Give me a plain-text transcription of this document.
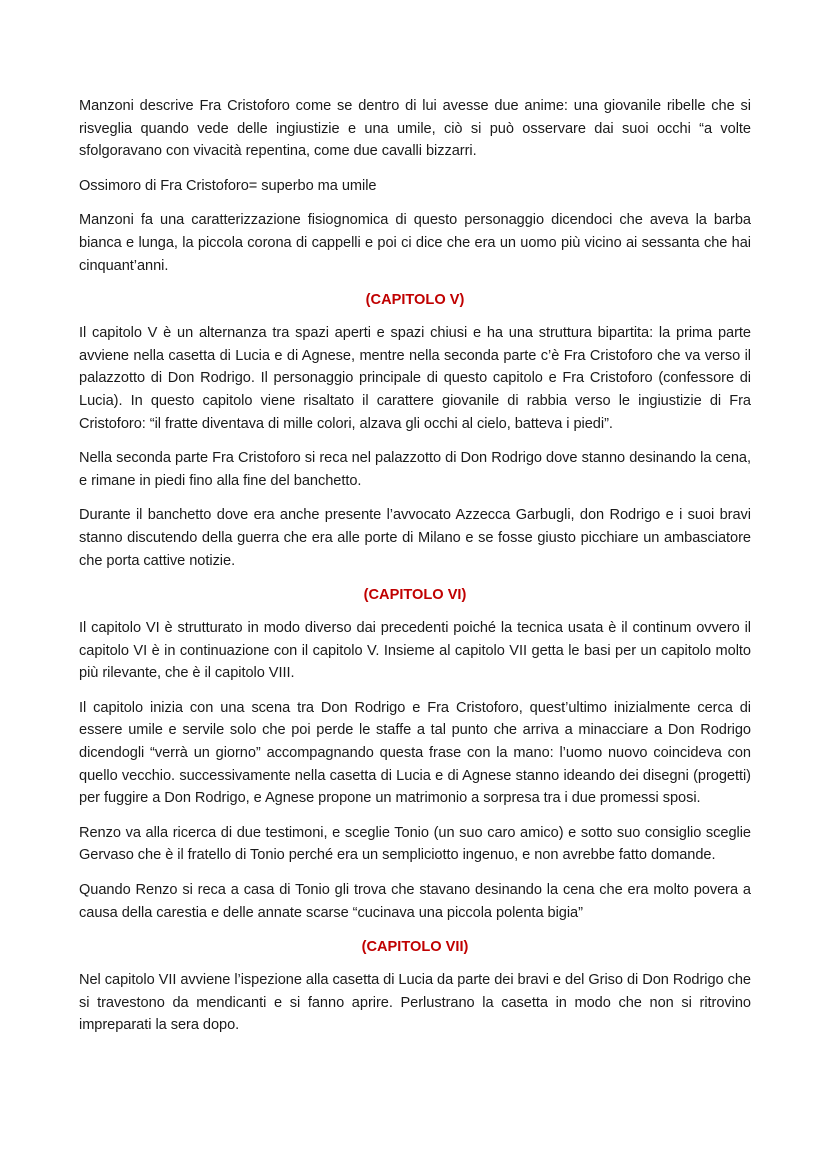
Manzoni descrive Fra Cristoforo come se dentro di lui avesse due anime: una giovanile ribelle che si risveglia quando vede delle ingiustizie e una umile, ciò si può osservare dai suoi occhi “a volte sfolgoravano con vivacità repentina, come due cavalli bizzarri.

Ossimoro di Fra Cristoforo= superbo ma umile

Manzoni fa una caratterizzazione fisiognomica di questo personaggio dicendoci che aveva la barba bianca e lunga, la piccola corona di cappelli e poi ci dice che era un uomo più vicino ai sessanta che hai cinquant’anni.

(CAPITOLO V)

Il capitolo V è un alternanza tra spazi aperti e spazi chiusi e ha una struttura bipartita: la prima parte avviene nella casetta di Lucia e di Agnese, mentre nella seconda parte c’è Fra Cristoforo che va verso il palazzotto di Don Rodrigo. Il personaggio principale di questo capitolo e Fra Cristoforo (confessore di Lucia). In questo capitolo viene risaltato il carattere giovanile di rabbia verso le ingiustizie di Fra Cristoforo: “il fratte diventava di mille colori, alzava gli occhi al cielo, batteva i piedi”.

Nella seconda parte Fra Cristoforo si reca nel palazzotto di Don Rodrigo dove stanno desinando la cena, e rimane in piedi fino alla fine del banchetto.

Durante il banchetto dove era anche presente l’avvocato Azzecca Garbugli, don Rodrigo e i suoi bravi stanno discutendo della guerra che era alle porte di Milano e se fosse giusto picchiare un ambasciatore che porta cattive notizie.

(CAPITOLO VI)

Il capitolo VI è strutturato in modo diverso dai precedenti poiché la tecnica usata è il continum ovvero il capitolo VI è in continuazione con il capitolo V. Insieme al capitolo VII getta le basi per un capitolo molto più rilevante, che è il capitolo VIII.

Il capitolo inizia con una scena tra Don Rodrigo e Fra Cristoforo, quest’ultimo inizialmente cerca di essere umile e servile solo che poi perde le staffe a tal punto che arriva a minacciare a Don Rodrigo dicendogli “verrà un giorno” accompagnando questa frase con la mano: l’uomo nuovo coincideva con quello vecchio. successivamente nella casetta di Lucia e di Agnese stanno ideando dei disegni (progetti) per fuggire a Don Rodrigo, e Agnese propone un matrimonio a sorpresa tra i due promessi sposi.

Renzo va alla ricerca di due testimoni, e sceglie Tonio (un suo caro amico) e sotto suo consiglio sceglie Gervaso che è il fratello di Tonio perché era un sempliciotto ingenuo, e non avrebbe fatto domande.

Quando Renzo si reca a casa di Tonio gli trova che stavano desinando la cena che era molto povera a causa della carestia e delle annate scarse “cucinava una piccola polenta bigia”

(CAPITOLO VII)

Nel capitolo VII avviene l’ispezione alla casetta di Lucia da parte dei bravi e del Griso di Don Rodrigo che si travestono da mendicanti e si fanno aprire. Perlustrano la casetta in modo che non si ritrovino impreparati la sera dopo.
